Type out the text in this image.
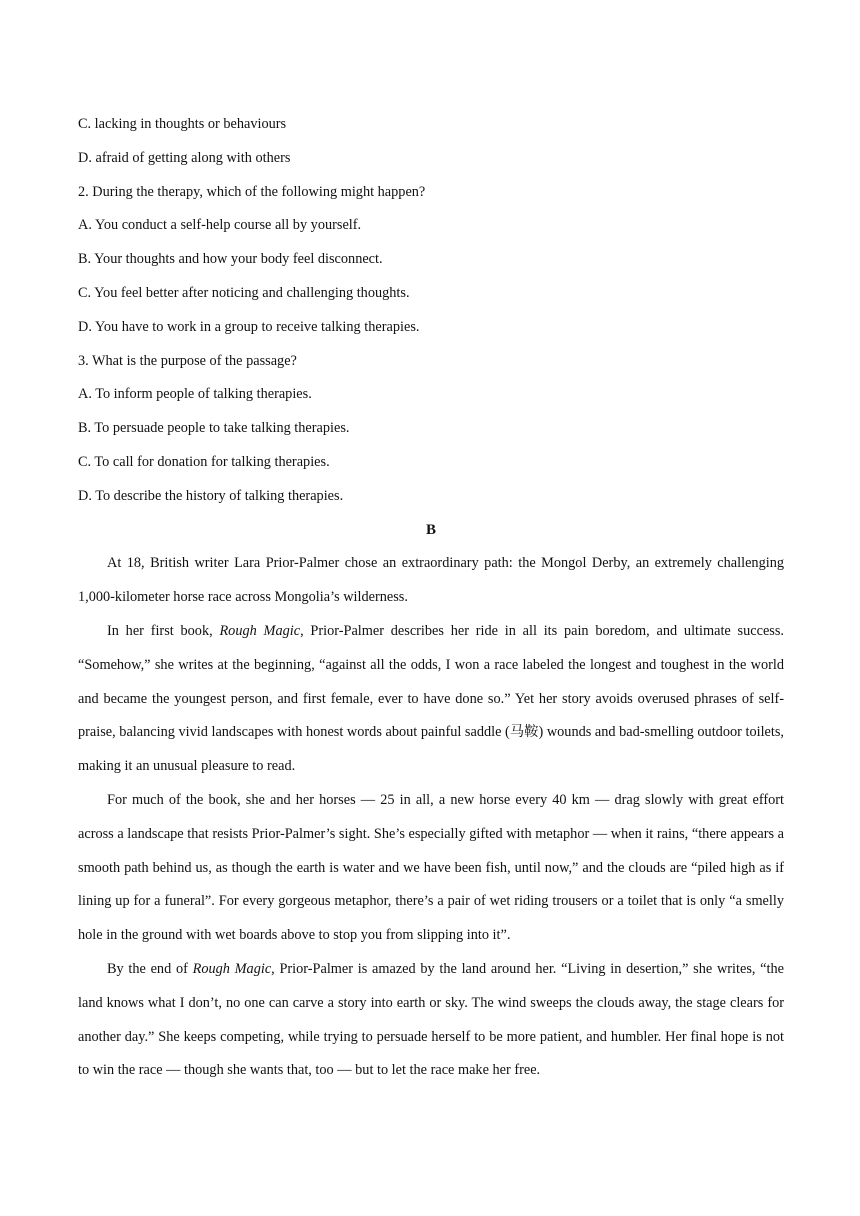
C. lacking in thoughts or behaviours

D. afraid of getting along with others

2. During the therapy, which of the following might happen?

A. You conduct a self-help course all by yourself.

B. Your thoughts and how your body feel disconnect.

C. You feel better after noticing and challenging thoughts.

D. You have to work in a group to receive talking therapies.

3. What is the purpose of the passage?

A. To inform people of talking therapies.

B. To persuade people to take talking therapies.

C. To call for donation for talking therapies.

D. To describe the history of talking therapies.

B

At 18, British writer Lara Prior-Palmer chose an extraordinary path: the Mongol Derby, an extremely challenging 1,000-kilometer horse race across Mongolia’s wilderness.

In her first book, Rough Magic, Prior-Palmer describes her ride in all its pain boredom, and ultimate success. “Somehow,” she writes at the beginning, “against all the odds, I won a race labeled the longest and toughest in the world and became the youngest person, and first female, ever to have done so.” Yet her story avoids overused phrases of self-praise, balancing vivid landscapes with honest words about painful saddle (马鞍) wounds and bad-smelling outdoor toilets, making it an unusual pleasure to read.

For much of the book, she and her horses — 25 in all, a new horse every 40 km — drag slowly with great effort across a landscape that resists Prior-Palmer’s sight. She’s especially gifted with metaphor — when it rains, “there appears a smooth path behind us, as though the earth is water and we have been fish, until now,” and the clouds are “piled high as if lining up for a funeral”. For every gorgeous metaphor, there’s a pair of wet riding trousers or a toilet that is only “a smelly hole in the ground with wet boards above to stop you from slipping into it”.

By the end of Rough Magic, Prior-Palmer is amazed by the land around her. “Living in desertion,” she writes, “the land knows what I don’t, no one can carve a story into earth or sky. The wind sweeps the clouds away, the stage clears for another day.” She keeps competing, while trying to persuade herself to be more patient, and humbler. Her final hope is not to win the race — though she wants that, too — but to let the race make her free.
